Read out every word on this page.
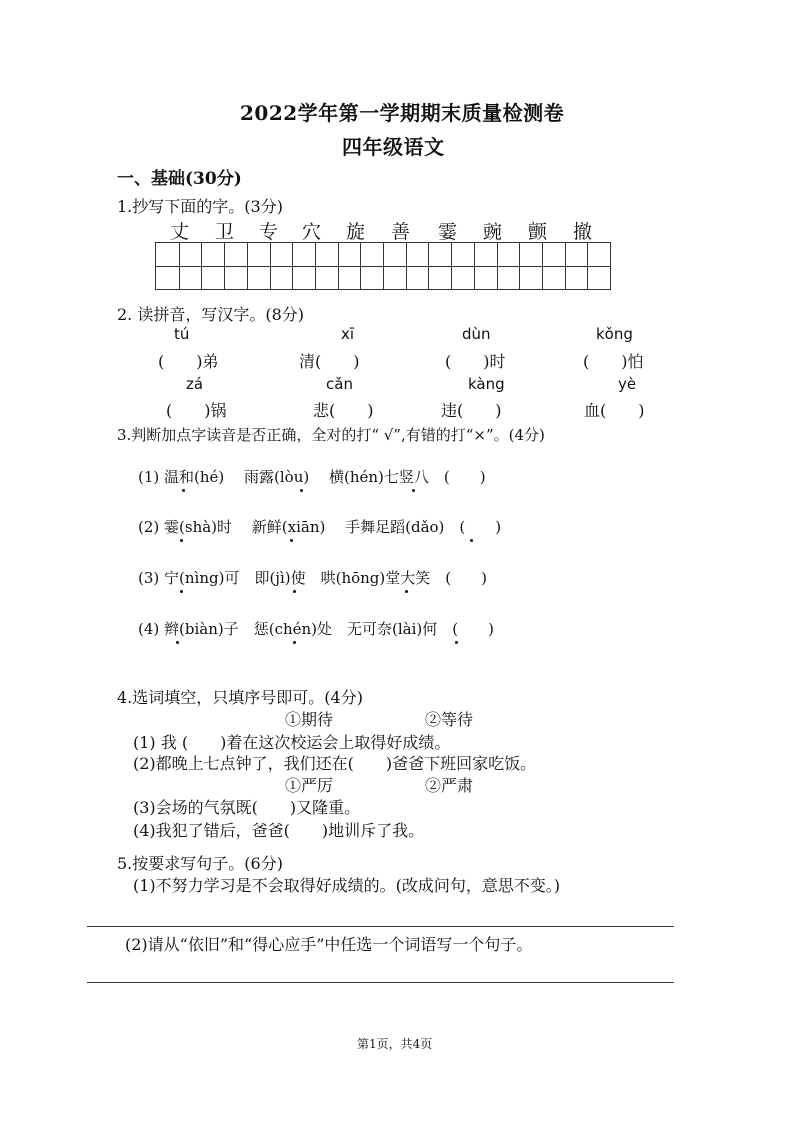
2022学年第一学期期末质量检测卷
四年级语文
一、基础(30分)
1.抄写下面的字。(3分)
丈 卫 专 穴 旋 善 霎 豌 颤 撤
2. 读拼音，写汉字。(8分)
tú	xī	dùn	kǒng
(　　)弟	清(　　)	(　　)时	(　　)怕
zá	cǎn	kàng	yè
(　　)锅	悲(　　)	违(　　)	血(　　)
3.判断加点字读音是否正确，全对的打“ √”,有错的打“×”。(4分)
(1) 温和(hé)　 雨露(lòu)　 横(hén)七竖八　(　　)
(2) 霎(shà)时　 新鲜(xiān)　 手舞足蹈(dǎo)　(　　)
(3) 宁(nìng)可　即(jì)使　哄(hōng)堂大笑　(　　)
(4) 辫(biàn)子　惩(chén)处　无可奈(lài)何　(　　)
4.选词填空，只填序号即可。(4分)
①期待	②等待
(1) 我 (　　)着在这次校运会上取得好成绩。
(2)都晚上七点钟了，我们还在(　　)爸爸下班回家吃饭。
①严厉	②严肃
(3)会场的气氛既(　　)又隆重。
(4)我犯了错后，爸爸(　　)地训斥了我。
5.按要求写句子。(6分)
(1)不努力学习是不会取得好成绩的。(改成问句，意思不变。)
(2)请从“依旧”和“得心应手”中任选一个词语写一个句子。
第1页，共4页
